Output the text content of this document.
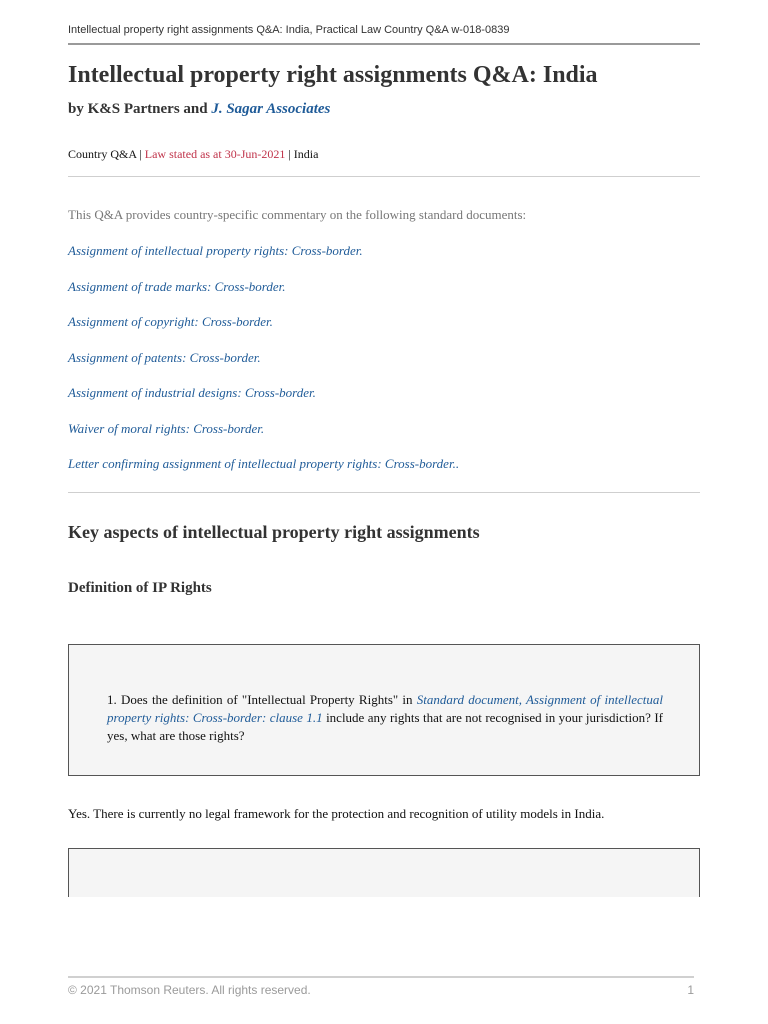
Intellectual property right assignments Q&A: India, Practical Law Country Q&A w-018-0839
Intellectual property right assignments Q&A: India
by K&S Partners and J. Sagar Associates
Country Q&A | Law stated as at 30-Jun-2021 | India
This Q&A provides country-specific commentary on the following standard documents:
Assignment of intellectual property rights: Cross-border.
Assignment of trade marks: Cross-border.
Assignment of copyright: Cross-border.
Assignment of patents: Cross-border.
Assignment of industrial designs: Cross-border.
Waiver of moral rights: Cross-border.
Letter confirming assignment of intellectual property rights: Cross-border..
Key aspects of intellectual property right assignments
Definition of IP Rights
1. Does the definition of "Intellectual Property Rights" in Standard document, Assignment of intellectual property rights: Cross-border: clause 1.1 include any rights that are not recognised in your jurisdiction? If yes, what are those rights?
Yes. There is currently no legal framework for the protection and recognition of utility models in India.
© 2021 Thomson Reuters. All rights reserved.	1
